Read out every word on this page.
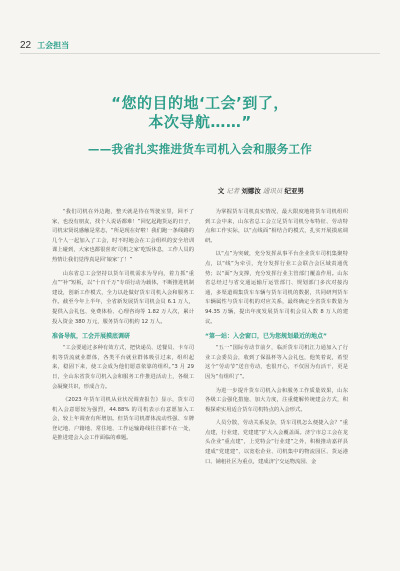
22 工会担当
“您的目的地‘工会’到了，
本次导航……”
——我省扎实推进货车司机入会和服务工作
文 记者 刘娜汝 通讯员 纪亚男

“我们司机在外边跑，整天就是待在驾驶室里，回不了家，也没有朋友，找个人说话都难！”回忆起跑货运的日子，司机宋贤说感触是常态，“所是现在好啦！我们跑一条线路的几个人一起加入了工会，时不时地会在工会组织的安全培训课上碰到，大家也都很喜欢‘司机之家’吃饭休息，工作人员的热情让我们觉得真是回‘娘家’了！”

山东省总工会坚持以货车司机需求为导向，着力抓“重点”“补”短板，以“十百千万”专项行动为载体，不断推进机制建设，创新工作模式，全力以赴做好货车司机入会和服务工作。截至今年上半年，全省新发展货车司机会员 6.1 万人，提供入会礼包、免费体检、心理咨询等 1.82 万人次，累计投入资金 380 万元，服务货车司机约 12 万人。

准备导航，工会开展摸底调研

“工会要通过多种有效方式，把快递员、送餐员、卡车司机等货流就业群体，各类平台就业群体吸引过来，组织起来，稳固下来，使工会成为他们愿意依靠的组织。”3 月 29 日，全山东省货车司机入会和服务工作推进活动上，各级工会凝聚共识，形成合力。

《2023 年货车司机从业状况调查报告》显示，货车司机入会意愿较为强烈，44.88% 的司机表示有意愿加入工会，较上年调查有所增加。但货车司机群体流动性强、车牌登记地、户籍地、常住地、工作运输路线往往都不在一处，是推进建会入会工作面临的难题。

为掌握货车司机真实情况，最大限度地将货车司机组织到工会中来，山东省总工会立足货车司机分布特征、劳动特点和工作实际，以“点线面”相结合的模式，扎实开展摸底调研。

以“点”为突破，充分发挥从事平台企业货车司机集聚特点，以“线”为牵引，充分发挥行业工会联合会区域责通优势；以“面”为支撑，充分发挥行业主管部门覆盖作用。山东省总经过与省交通运输厅运管部门、规划部门多次对接沟通，多渠道调集货车车辆与货车司机的数据，共同研判货车车辆属性与货车司机的对应关系，最终确定全省货车数量为 94.35 万辆，提出年度发展货车司机会员入数 8 万人的建议。

“第一站：入会窗口，已为您规划最近的地点”

“五一”国际劳动节前夕，临沂货车司机江力通加入了行业工会委员会，收到了保温杯等入会礼包，他笑着说，希望这个“劳动节”送自劳动，也很开心，不仅因为有活干，更是因为“有组织了”。

为进一步提升货车司机入会和服务工作质量效果，山东各级工会强化措施、加大力度，注重健解传统建会方式，积极探索实用适合货车司机特点的入会形式。

人员分散，劳动关系复杂，货车司机怎么便捷入会？“重点建，行业建，党建建”扩大入会覆盖面。济宁市总工会在龙头企业“重点建”，上党特会“行业建”之外，积极推动嘉祥县建成“党建建”，以宽松企业、司机集中的物流园区、货运港口、铺租社区为重点，建成济宁交运物流园、金
